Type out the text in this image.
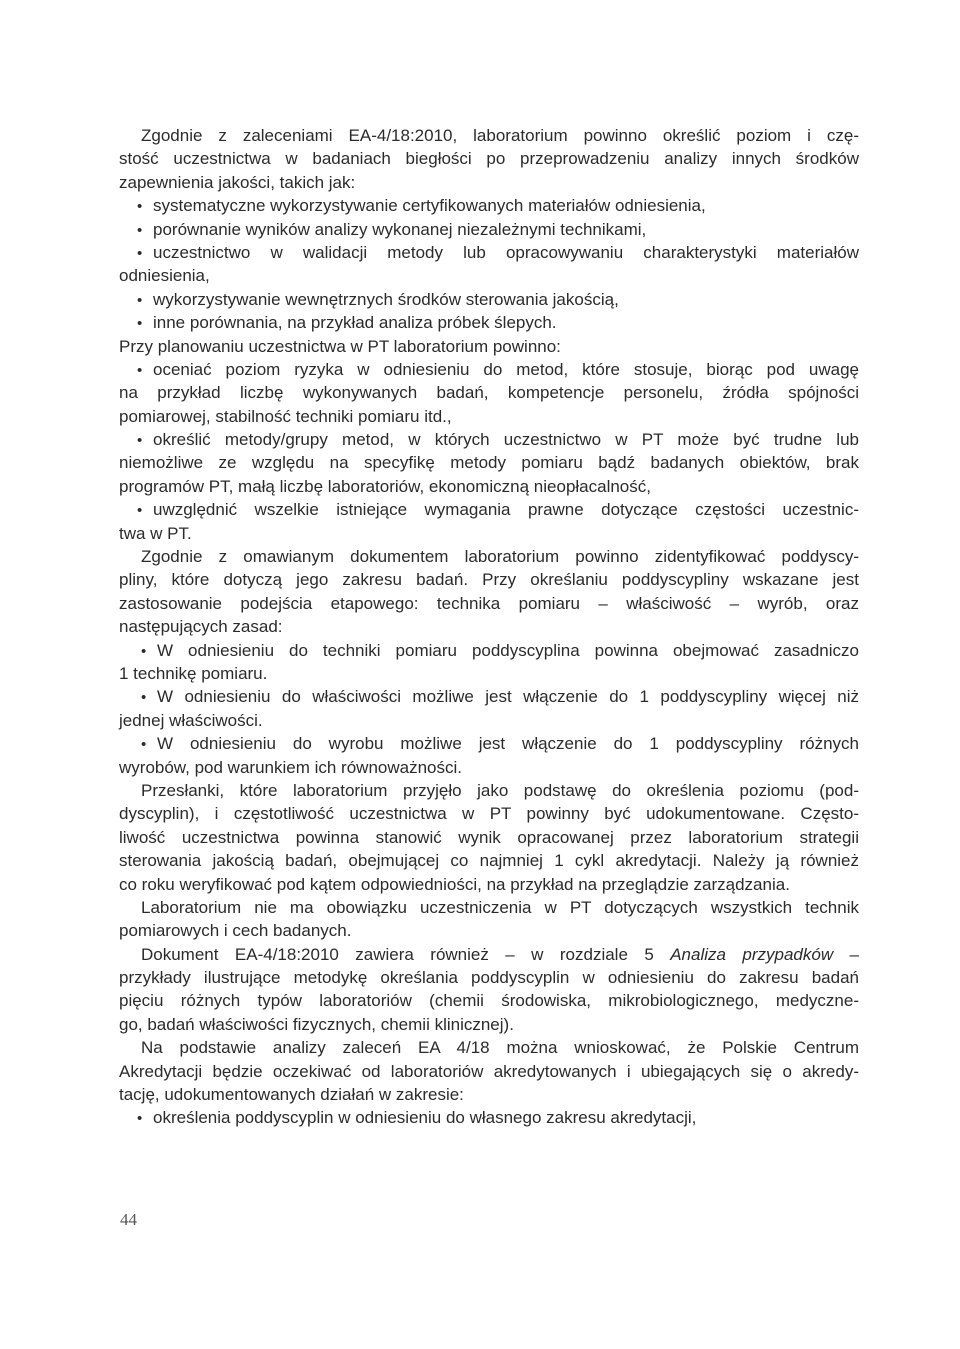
Zgodnie z zaleceniami EA-4/18:2010, laboratorium powinno określić poziom i czę-
stość uczestnictwa w badaniach biegłości po przeprowadzeniu analizy innych środków
zapewnienia jakości, takich jak:
• systematyczne wykorzystywanie certyfikowanych materiałów odniesienia,
• porównanie wyników analizy wykonanej niezależnymi technikami,
• uczestnictwo w walidacji metody lub opracowywaniu charakterystyki materiałów
odniesienia,
• wykorzystywanie wewnętrznych środków sterowania jakością,
• inne porównania, na przykład analiza próbek ślepych.
Przy planowaniu uczestnictwa w PT laboratorium powinno:
• oceniać poziom ryzyka w odniesieniu do metod, które stosuje, biorąc pod uwagę
na przykład liczbę wykonywanych badań, kompetencje personelu, źródła spójności
pomiarowej, stabilność techniki pomiaru itd.,
• określić metody/grupy metod, w których uczestnictwo w PT może być trudne lub
niemożliwe ze względu na specyfikę metody pomiaru bądź badanych obiektów, brak
programów PT, małą liczbę laboratoriów, ekonomiczną nieopłacalność,
• uwzględnić wszelkie istniejące wymagania prawne dotyczące częstości uczestnic-
twa w PT.
Zgodnie z omawianym dokumentem laboratorium powinno zidentyfikować poddyscy-
pliny, które dotyczą jego zakresu badań. Przy określaniu poddyscypliny wskazane jest
zastosowanie podejścia etapowego: technika pomiaru – właściwość – wyrób, oraz
następujących zasad:
• W odniesieniu do techniki pomiaru poddyscyplina powinna obejmować zasadniczo
1 technikę pomiaru.
• W odniesieniu do właściwości możliwe jest włączenie do 1 poddyscypliny więcej niż
jednej właściwości.
• W odniesieniu do wyrobu możliwe jest włączenie do 1 poddyscypliny różnych
wyrobów, pod warunkiem ich równoważności.
Przesłanki, które laboratorium przyjęło jako podstawę do określenia poziomu (pod-
dyscyplin), i częstotliwość uczestnictwa w PT powinny być udokumentowane. Często-
liwość uczestnictwa powinna stanowić wynik opracowanej przez laboratorium strategii
sterowania jakością badań, obejmującej co najmniej 1 cykl akredytacji. Należy ją również
co roku weryfikować pod kątem odpowiedniości, na przykład na przeglądzie zarządzania.
Laboratorium nie ma obowiązku uczestniczenia w PT dotyczących wszystkich technik
pomiarowych i cech badanych.
Dokument EA-4/18:2010 zawiera również – w rozdziale 5 Analiza przypadków –
przykłady ilustrujące metodykę określania poddyscyplin w odniesieniu do zakresu badań
pięciu różnych typów laboratoriów (chemii środowiska, mikrobiologicznego, medyczne-
go, badań właściwości fizycznych, chemii klinicznej).
Na podstawie analizy zaleceń EA 4/18 można wnioskować, że Polskie Centrum
Akredytacji będzie oczekiwać od laboratoriów akredytowanych i ubiegających się o akredy-
tację, udokumentowanych działań w zakresie:
• określenia poddyscyplin w odniesieniu do własnego zakresu akredytacji,
44
